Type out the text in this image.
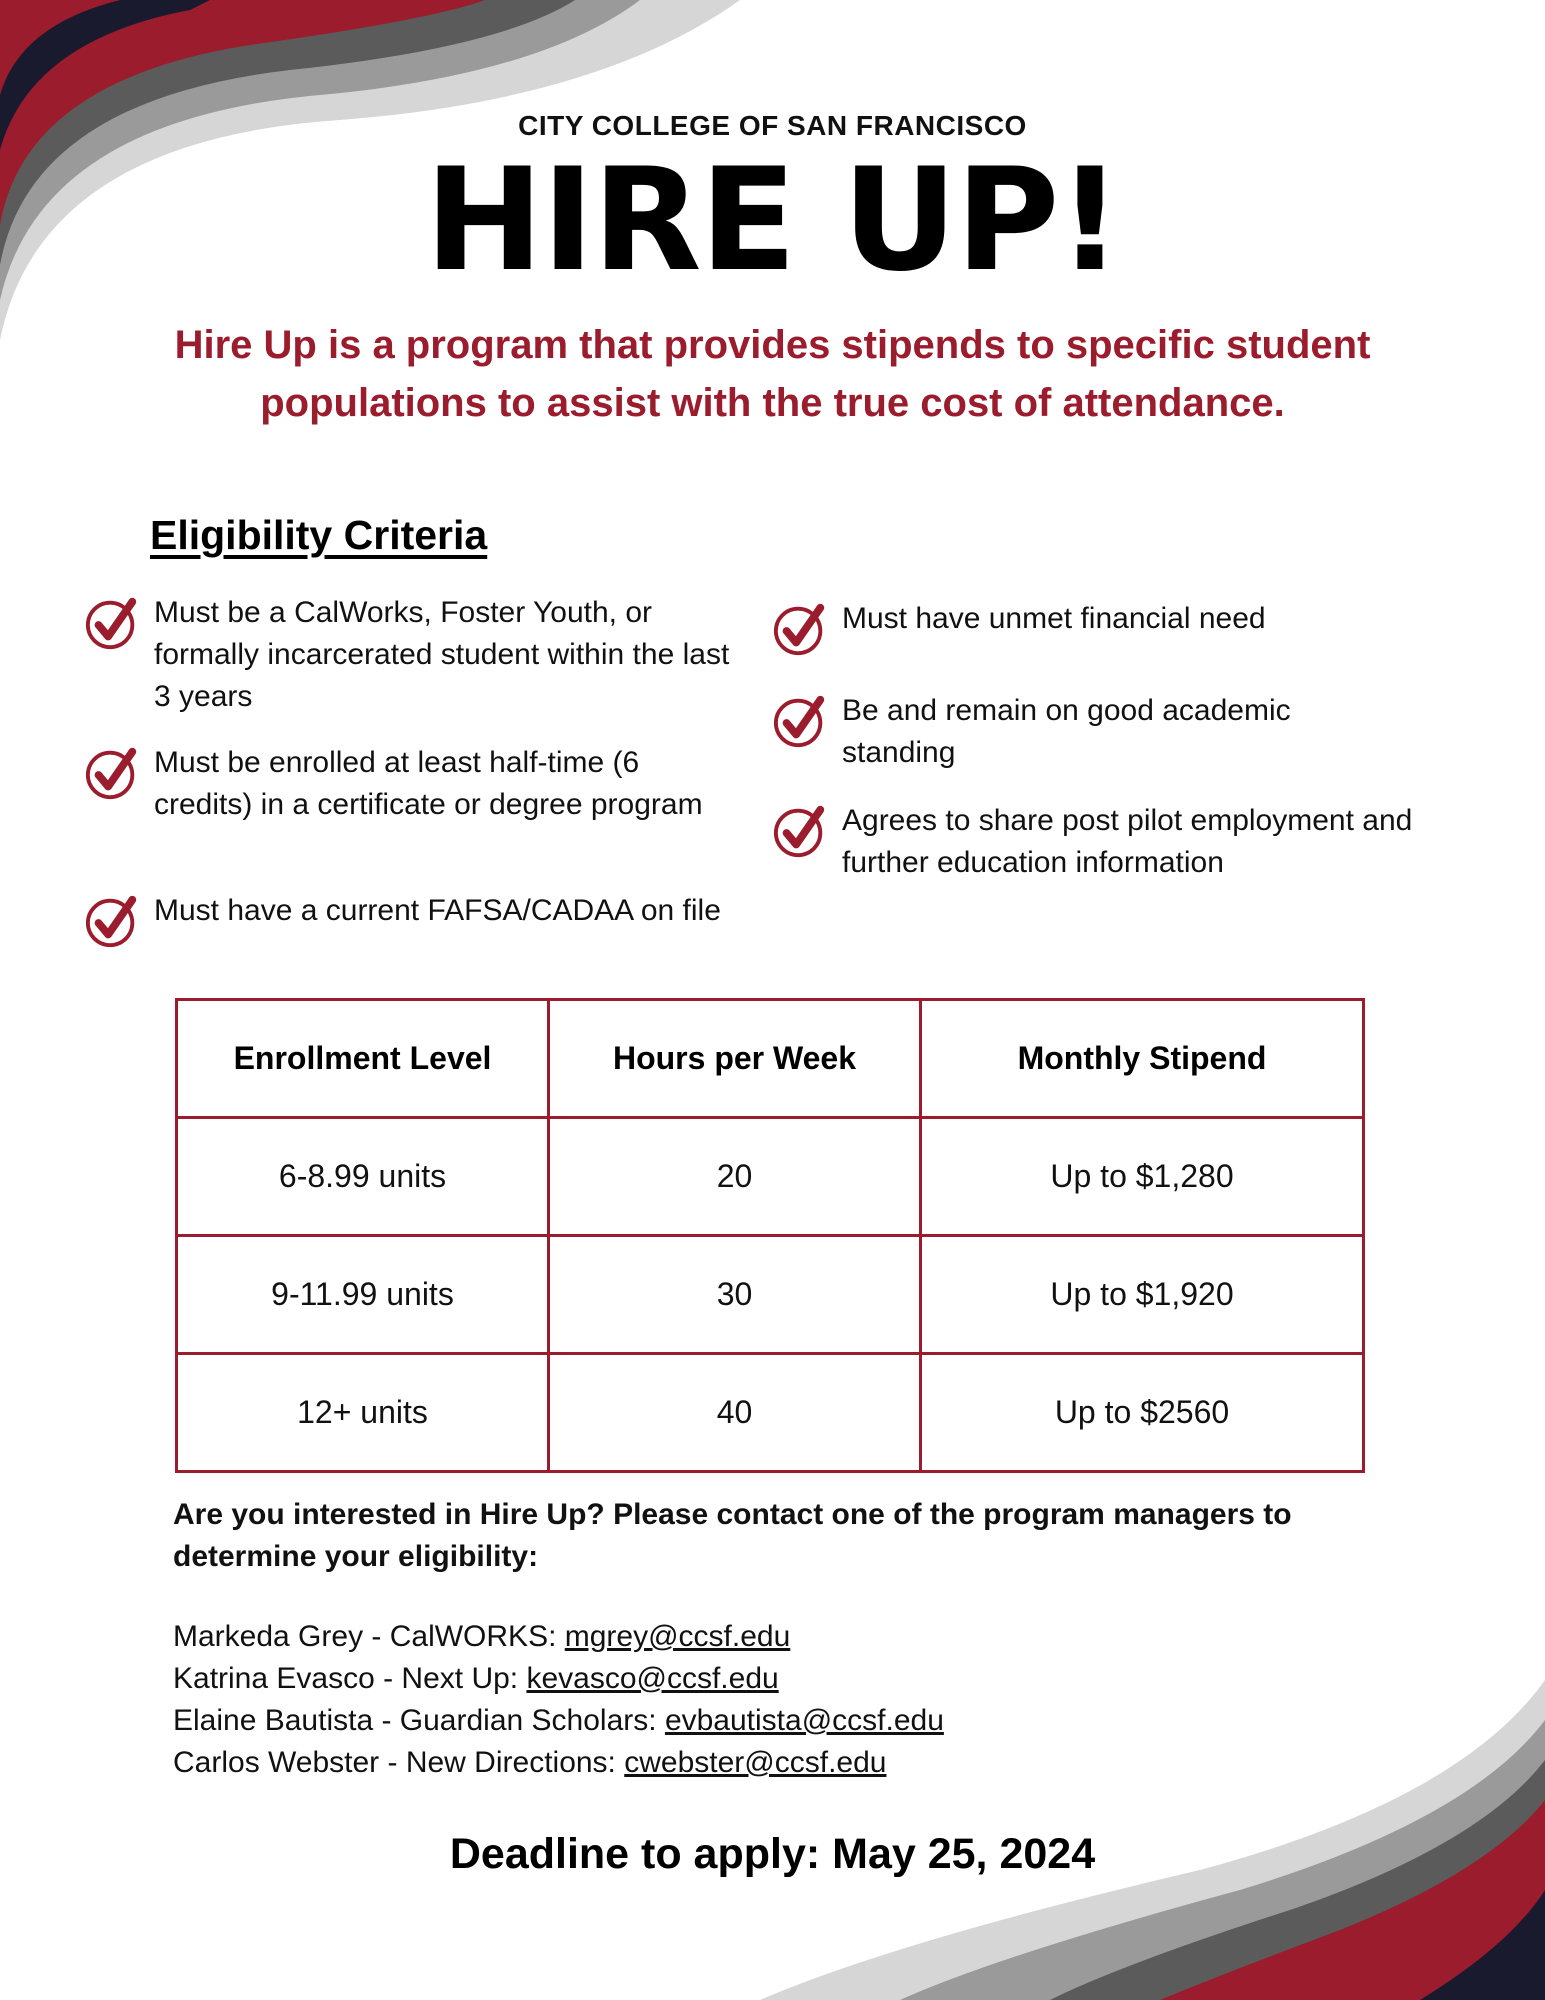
CITY COLLEGE OF SAN FRANCISCO
HIRE UP!
Hire Up is a program that provides stipends to specific student populations to assist with the true cost of attendance.
Eligibility Criteria
Must be a CalWorks, Foster Youth, or formally incarcerated student within the last 3 years
Must be enrolled at least half-time (6 credits) in a certificate or degree program
Must have a current FAFSA/CADAA on file
Must have unmet financial need
Be and remain on good academic standing
Agrees to share post pilot employment and further education information
Enrollment Level	Hours per Week	Monthly Stipend
6-8.99 units	20	Up to $1,280
9-11.99 units	30	Up to $1,920
12+ units	40	Up to $2560
Are you interested in Hire Up? Please contact one of the program managers to determine your eligibility:
Markeda Grey - CalWORKS: mgrey@ccsf.edu
Katrina Evasco - Next Up: kevasco@ccsf.edu
Elaine Bautista - Guardian Scholars: evbautista@ccsf.edu
Carlos Webster - New Directions: cwebster@ccsf.edu
Deadline to apply: May 25, 2024
